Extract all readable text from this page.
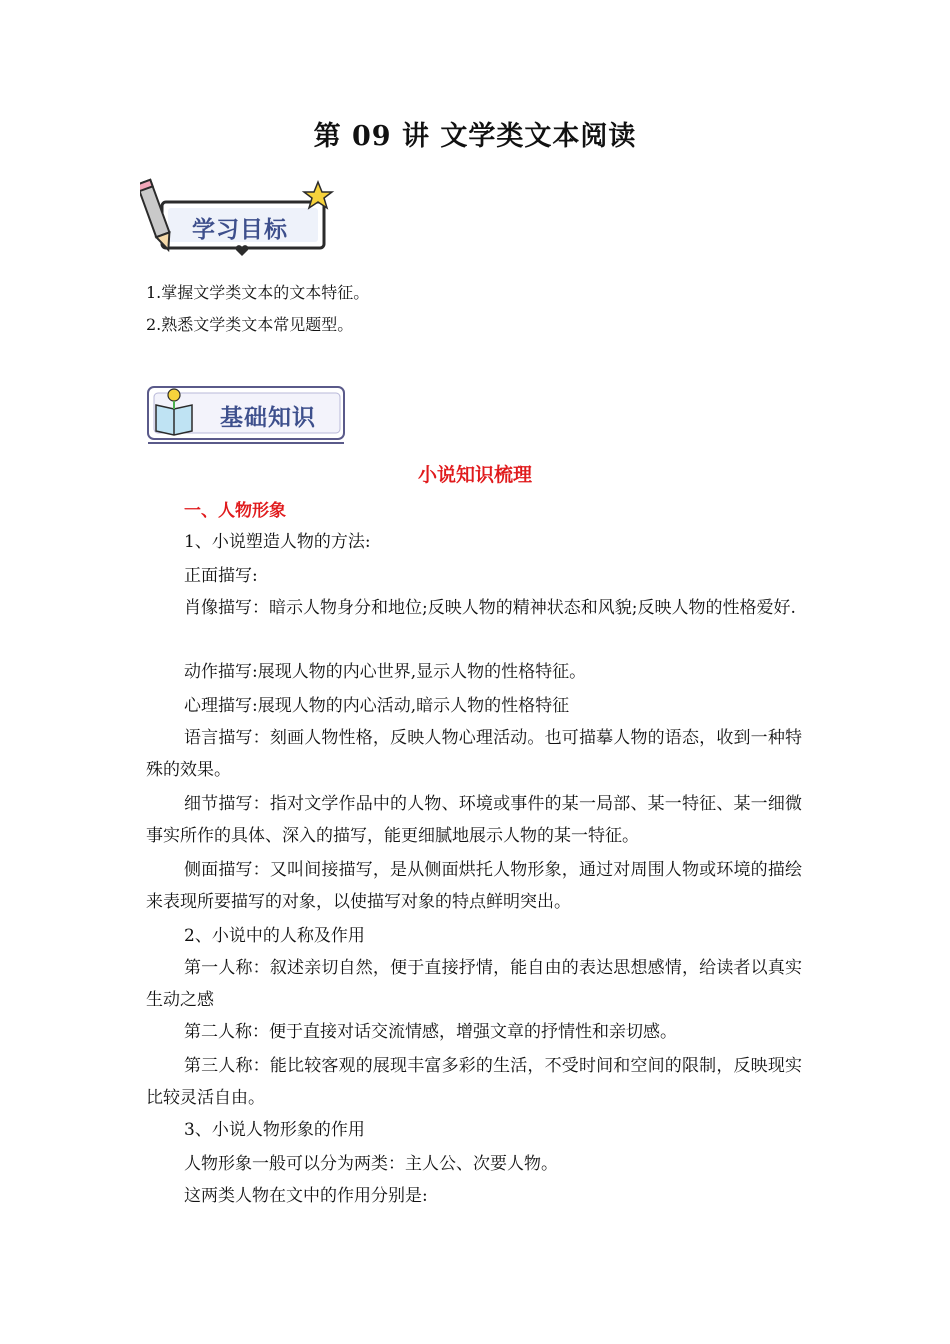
第 09 讲 文学类文本阅读
学习目标
1.掌握文学类文本的文本特征。
2.熟悉文学类文本常见题型。
基础知识
小说知识梳理
一、人物形象

1、小说塑造人物的方法:

正面描写:

肖像描写：暗示人物身分和地位;反映人物的精神状态和风貌;反映人物的性格爱好.

动作描写:展现人物的内心世界,显示人物的性格特征。

心理描写:展现人物的内心活动,暗示人物的性格特征

语言描写：刻画人物性格，反映人物心理活动。也可描摹人物的语态，收到一种特殊的效果。

细节描写：指对文学作品中的人物、环境或事件的某一局部、某一特征、某一细微事实所作的具体、深入的描写，能更细腻地展示人物的某一特征。

侧面描写：又叫间接描写，是从侧面烘托人物形象，通过对周围人物或环境的描绘来表现所要描写的对象，以使描写对象的特点鲜明突出。

2、小说中的人称及作用

第一人称：叙述亲切自然，便于直接抒情，能自由的表达思想感情，给读者以真实生动之感

第二人称：便于直接对话交流情感，增强文章的抒情性和亲切感。

第三人称：能比较客观的展现丰富多彩的生活，不受时间和空间的限制，反映现实比较灵活自由。

3、小说人物形象的作用

人物形象一般可以分为两类：主人公、次要人物。

这两类人物在文中的作用分别是:
